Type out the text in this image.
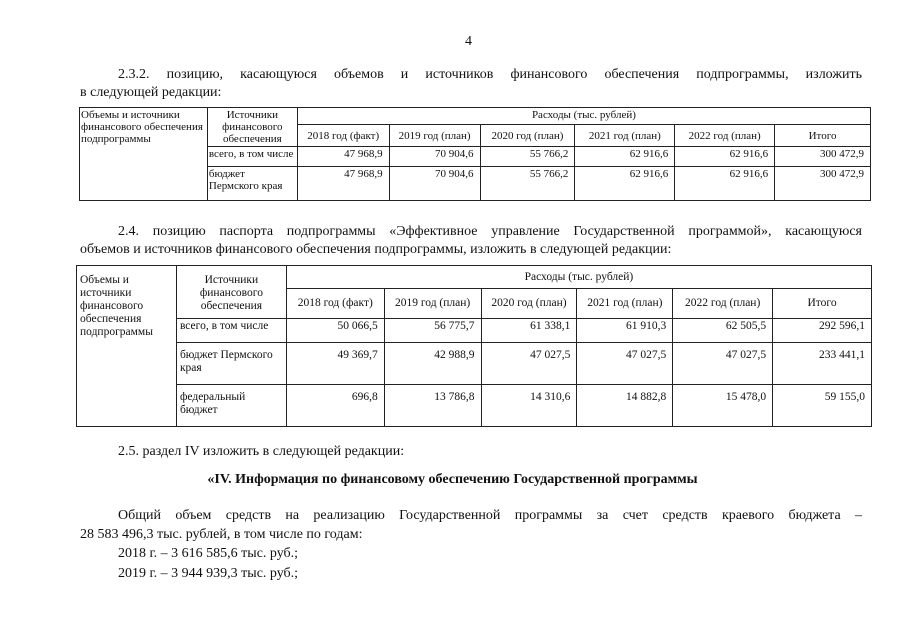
4
2.3.2. позицию, касающуюся объемов и источников финансового обеспечения подпрограммы, изложить
в следующей редакции:
Объемы и источники финансового обеспечения подпрограммы	Источники финансового обеспечения	Расходы (тыс. рублей)					
		2018 год (факт)	2019 год (план)	2020 год (план)	2021 год (план)	2022 год (план)	Итого
	всего, в том числе	47 968,9	70 904,6	55 766,2	62 916,6	62 916,6	300 472,9
	бюджет Пермского края	47 968,9	70 904,6	55 766,2	62 916,6	62 916,6	300 472,9
2.4. позицию паспорта подпрограммы «Эффективное управление Государственной программой», касающуюся
объемов и источников финансового обеспечения подпрограммы, изложить в следующей редакции:
Объемы и источники финансового обеспечения подпрограммы	Источники финансового обеспечения	Расходы (тыс. рублей)					
		2018 год (факт)	2019 год (план)	2020 год (план)	2021 год (план)	2022 год (план)	Итого
	всего, в том числе	50 066,5	56 775,7	61 338,1	61 910,3	62 505,5	292 596,1
	бюджет Пермского края	49 369,7	42 988,9	47 027,5	47 027,5	47 027,5	233 441,1
	федеральный бюджет	696,8	13 786,8	14 310,6	14 882,8	15 478,0	59 155,0
2.5. раздел IV изложить в следующей редакции:
«IV. Информация по финансовому обеспечению Государственной программы
Общий объем средств на реализацию Государственной программы за счет средств краевого бюджета –
28 583 496,3 тыс. рублей, в том числе по годам:
2018 г. – 3 616 585,6 тыс. руб.;
2019 г. – 3 944 939,3 тыс. руб.;
